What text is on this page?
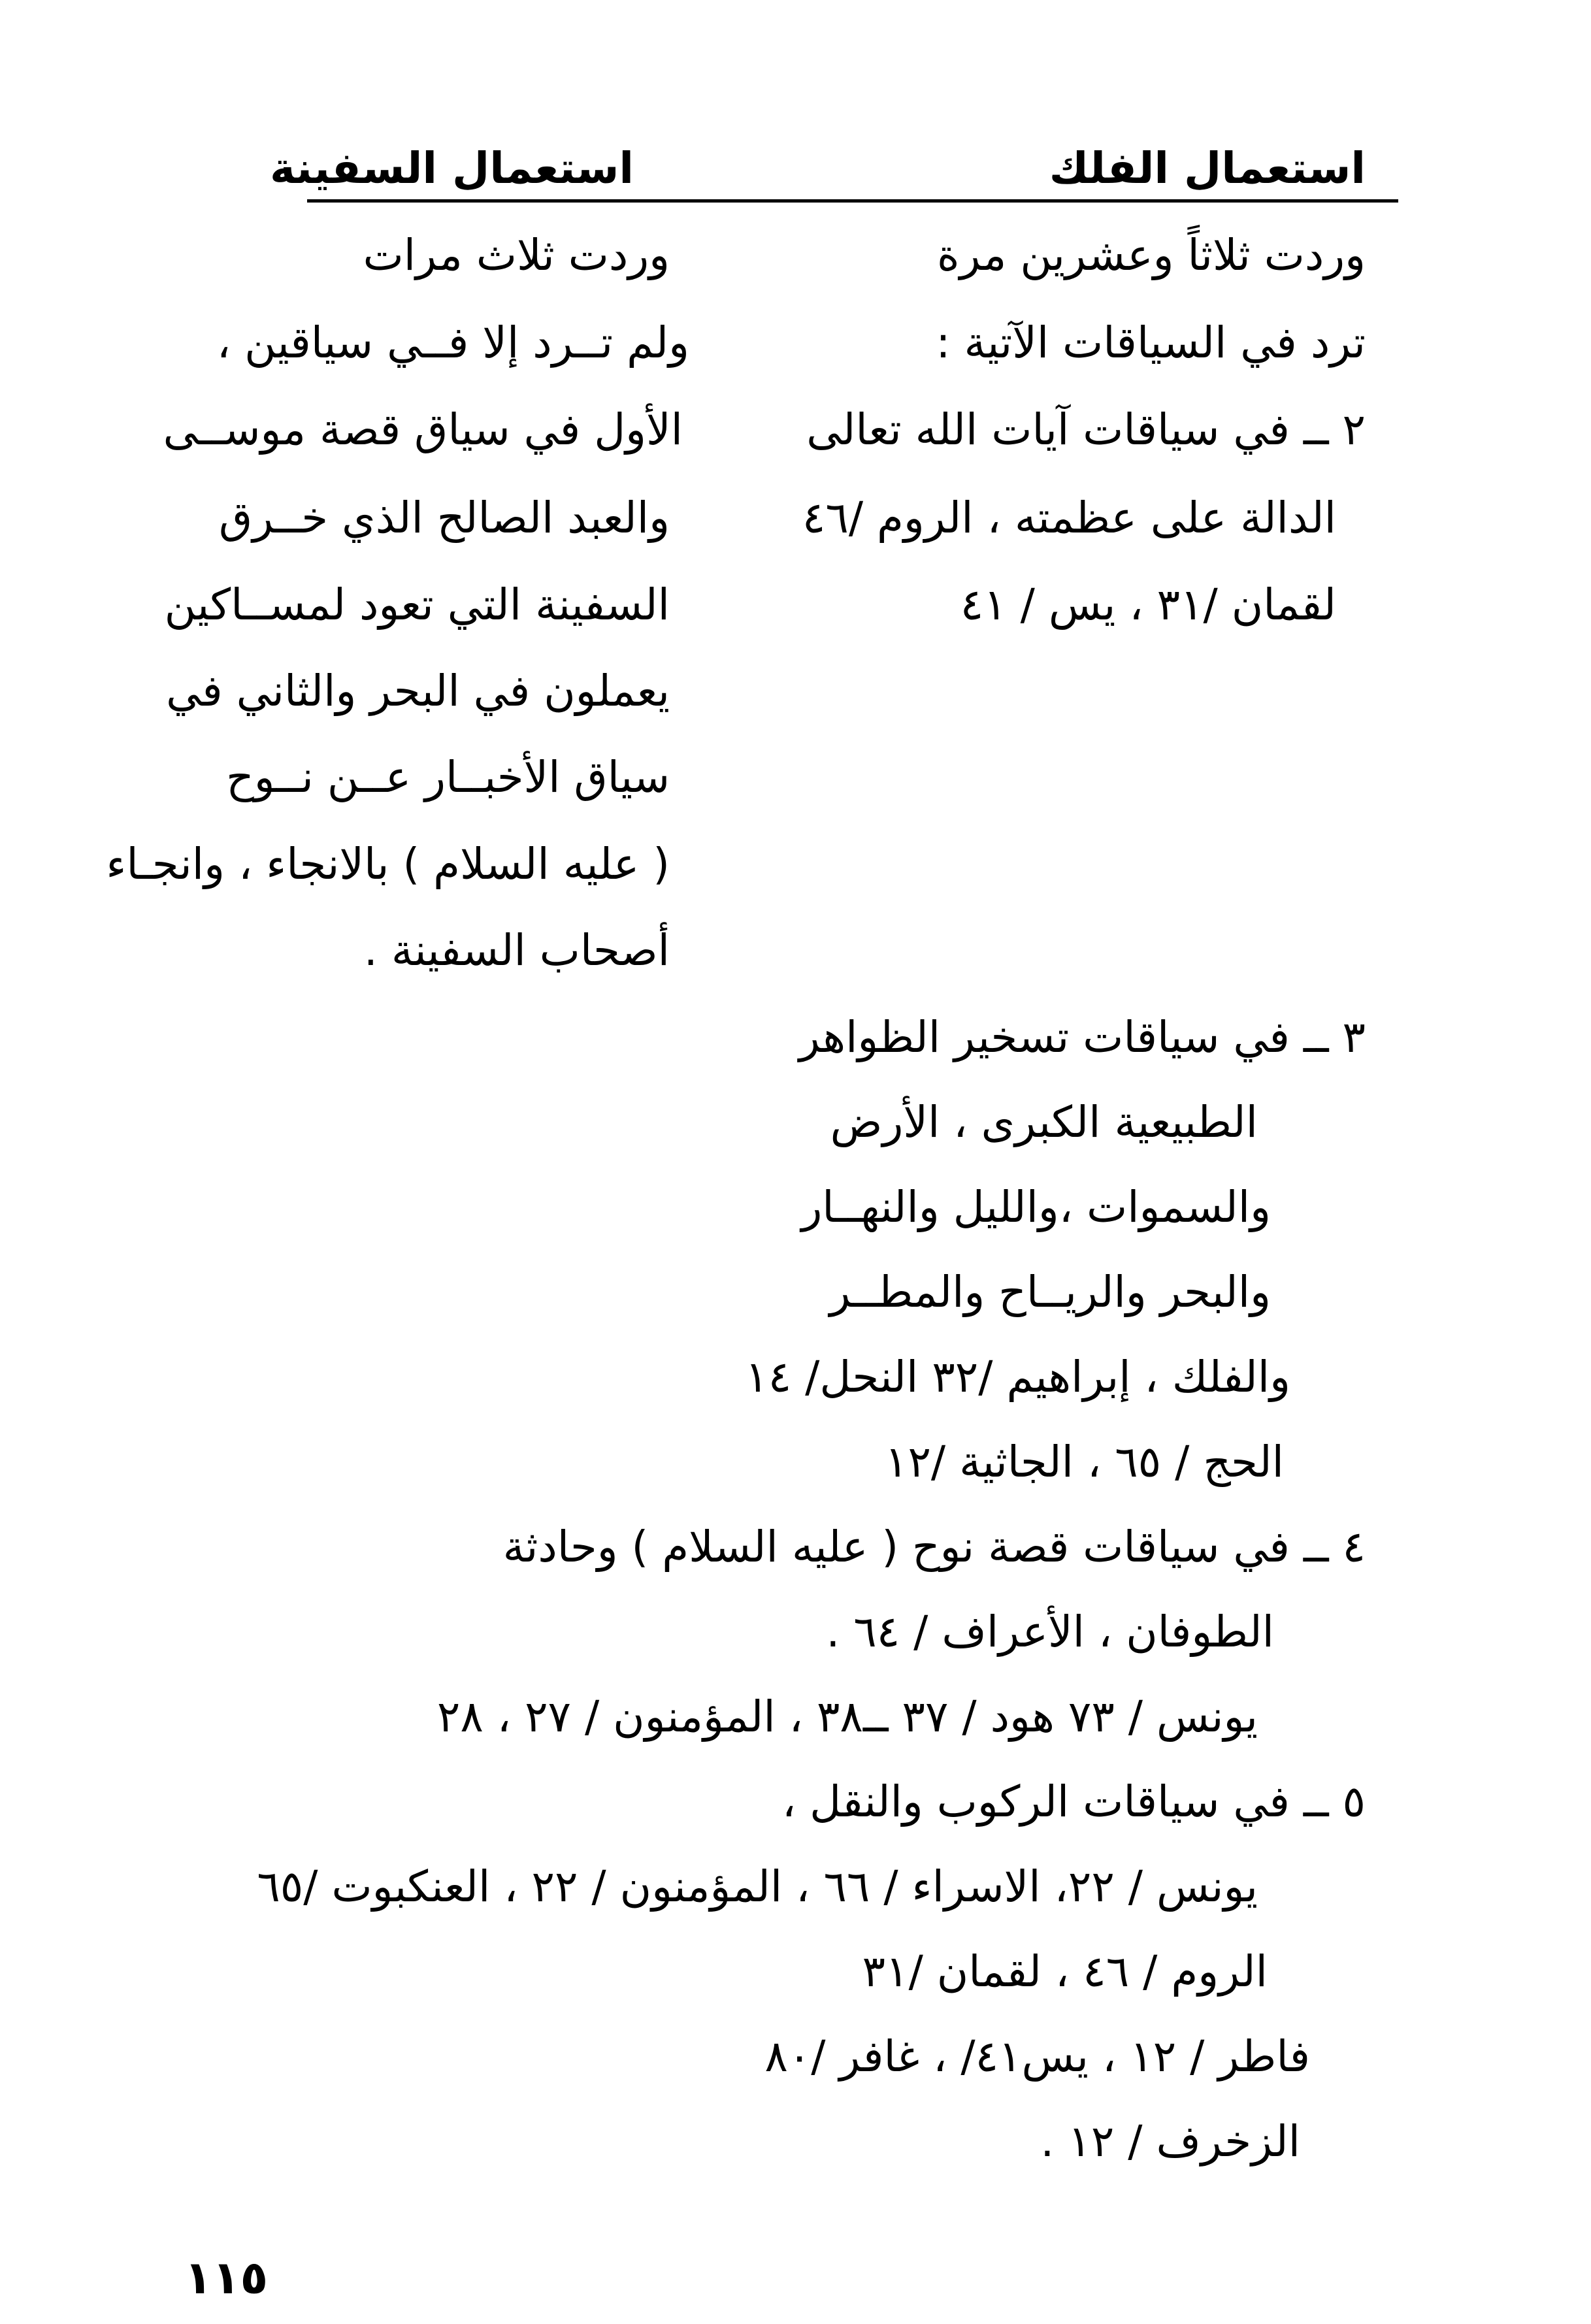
استعمال الفلك
استعمال السفينة
وردت ثلاثاً وعشرين مرة
ترد في السياقات الآتية :
٢ ــ في سياقات آيات الله تعالى
الدالة على عظمته ، الروم /٤٦
لقمان /٣١ ، يس / ٤١
وردت ثلاث مرات
ولم تــرد إلا فــي سياقين ،
الأول في سياق قصة موســى
والعبد الصالح الذي خــرق
السفينة التي تعود لمســاكين
يعملون في البحر والثاني في
سياق الأخبــار عــن نــوح
( عليه السلام ) بالانجاء ، وانجـاء
أصحاب السفينة .
٣ ــ في سياقات تسخير الظواهر
الطبيعية الكبرى ، الأرض
والسموات ،والليل والنهــار
والبحر والريــاح والمطــر
والفلك ، إبراهيم /٣٢ النحل/ ١٤
الحج / ٦٥ ، الجاثية /١٢
٤ ــ في سياقات قصة نوح ( عليه السلام ) وحادثة
الطوفان ، الأعراف / ٦٤ .
يونس / ٧٣ هود / ٣٧ ــ٣٨ ، المؤمنون / ٢٧ ، ٢٨
٥ ــ في سياقات الركوب والنقل ،
يونس / ٢٢، الاسراء / ٦٦ ، المؤمنون / ٢٢ ، العنكبوت /٦٥
الروم / ٤٦ ، لقمان /٣١
فاطر / ١٢ ، يس٤١/ ، غافر /٨٠
الزخرف / ١٢ .
١١٥
